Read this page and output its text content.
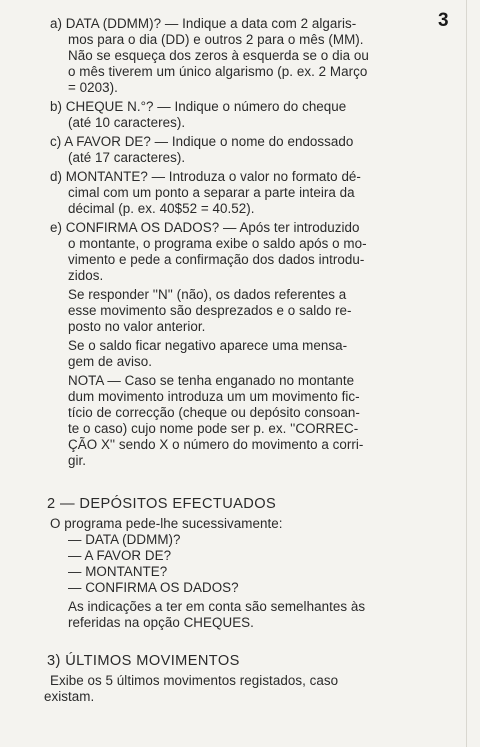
3
a) DATA (DDMM)? — Indique a data com 2 algaris-
mos para o dia (DD) e outros 2 para o mês (MM).
Não se esqueça dos zeros à esquerda se o dia ou
o mês tiverem um único algarismo (p. ex. 2 Março
= 0203).
b) CHEQUE N.°? — Indique o número do cheque
(até 10 caracteres).
c) A FAVOR DE? — Indique o nome do endossado
(até 17 caracteres).
d) MONTANTE? — Introduza o valor no formato dé-
cimal com um ponto a separar a parte inteira da
décimal (p. ex. 40$52 = 40.52).
e) CONFIRMA OS DADOS? — Após ter introduzido
o montante, o programa exibe o saldo após o mo-
vimento e pede a confirmação dos dados introdu-
zidos.
Se responder ''N'' (não), os dados referentes a
esse movimento são desprezados e o saldo re-
posto no valor anterior.
Se o saldo ficar negativo aparece uma mensa-
gem de aviso.
NOTA — Caso se tenha enganado no montante
dum movimento introduza um um movimento fic-
tício de correcção (cheque ou depósito consoan-
te o caso) cujo nome pode ser p. ex. ''CORREC-
ÇÃO X'' sendo X o número do movimento a corri-
gir.
2 — DEPÓSITOS EFECTUADOS
O programa pede-lhe sucessivamente:
— DATA (DDMM)?
— A FAVOR DE?
— MONTANTE?
— CONFIRMA OS DADOS?
As indicações a ter em conta são semelhantes às
referidas na opção CHEQUES.
3) ÚLTIMOS MOVIMENTOS
Exibe os 5 últimos movimentos registados, caso
existam.
